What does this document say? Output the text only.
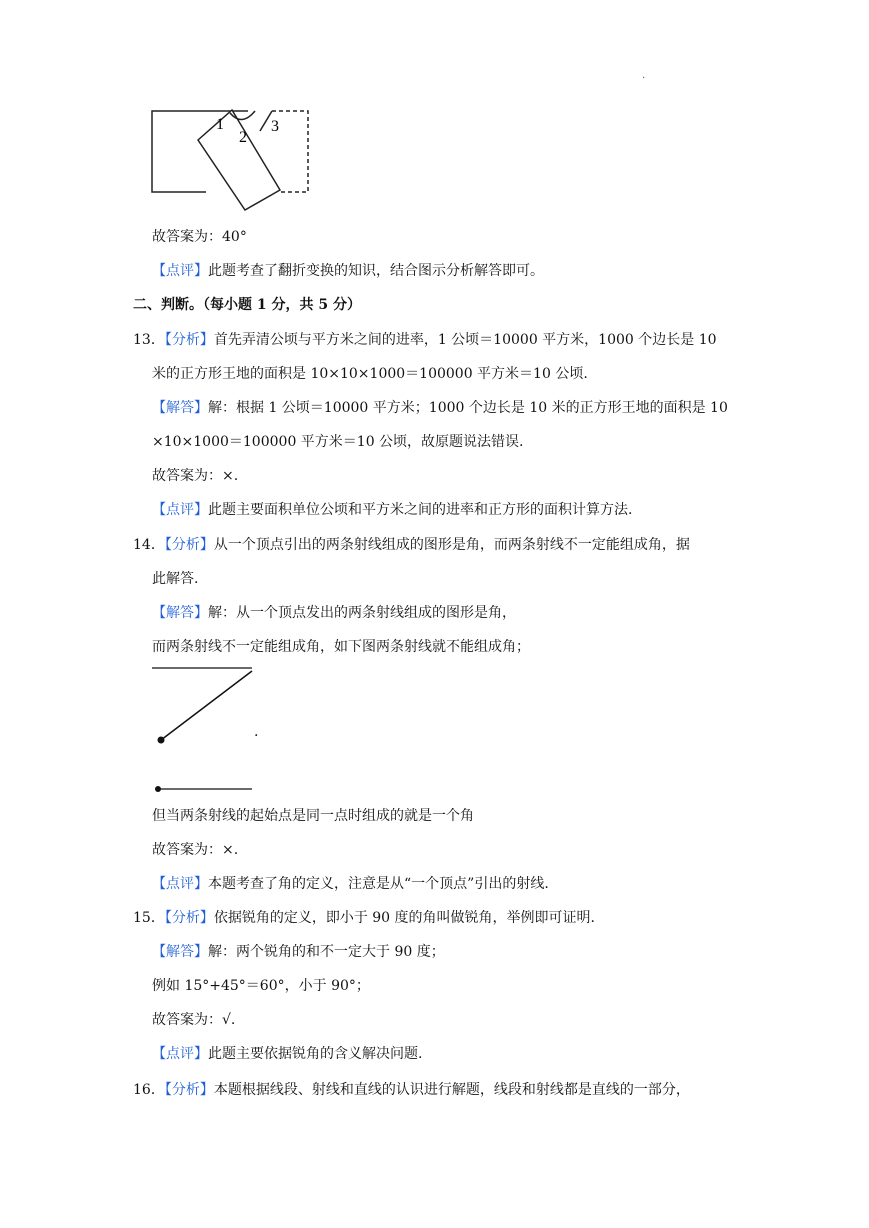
.
1
2
3
故答案为：40°
【点评】此题考查了翻折变换的知识，结合图示分析解答即可。
二、判断。（每小题 1 分，共 5 分）
13．【分析】首先弄清公顷与平方米之间的进率，1 公顷＝10000 平方米，1000 个边长是 10
米的正方形王地的面积是 10×10×1000＝100000 平方米＝10 公顷.
【解答】解：根据 1 公顷＝10000 平方米；1000 个边长是 10 米的正方形王地的面积是 10
×10×1000＝100000 平方米＝10 公顷，故原题说法错误.
故答案为：×.
【点评】此题主要面积单位公顷和平方米之间的进率和正方形的面积计算方法.
14．【分析】从一个顶点引出的两条射线组成的图形是角，而两条射线不一定能组成角，据
此解答.
【解答】解：从一个顶点发出的两条射线组成的图形是角，
而两条射线不一定能组成角，如下图两条射线就不能组成角；
.
但当两条射线的起始点是同一点时组成的就是一个角
故答案为：×.
【点评】本题考查了角的定义，注意是从“一个顶点”引出的射线.
15．【分析】依据锐角的定义，即小于 90 度的角叫做锐角，举例即可证明.
【解答】解：两个锐角的和不一定大于 90 度；
例如 15°+45°＝60°，小于 90°；
故答案为：√.
【点评】此题主要依据锐角的含义解决问题.
16．【分析】本题根据线段、射线和直线的认识进行解题，线段和射线都是直线的一部分，
